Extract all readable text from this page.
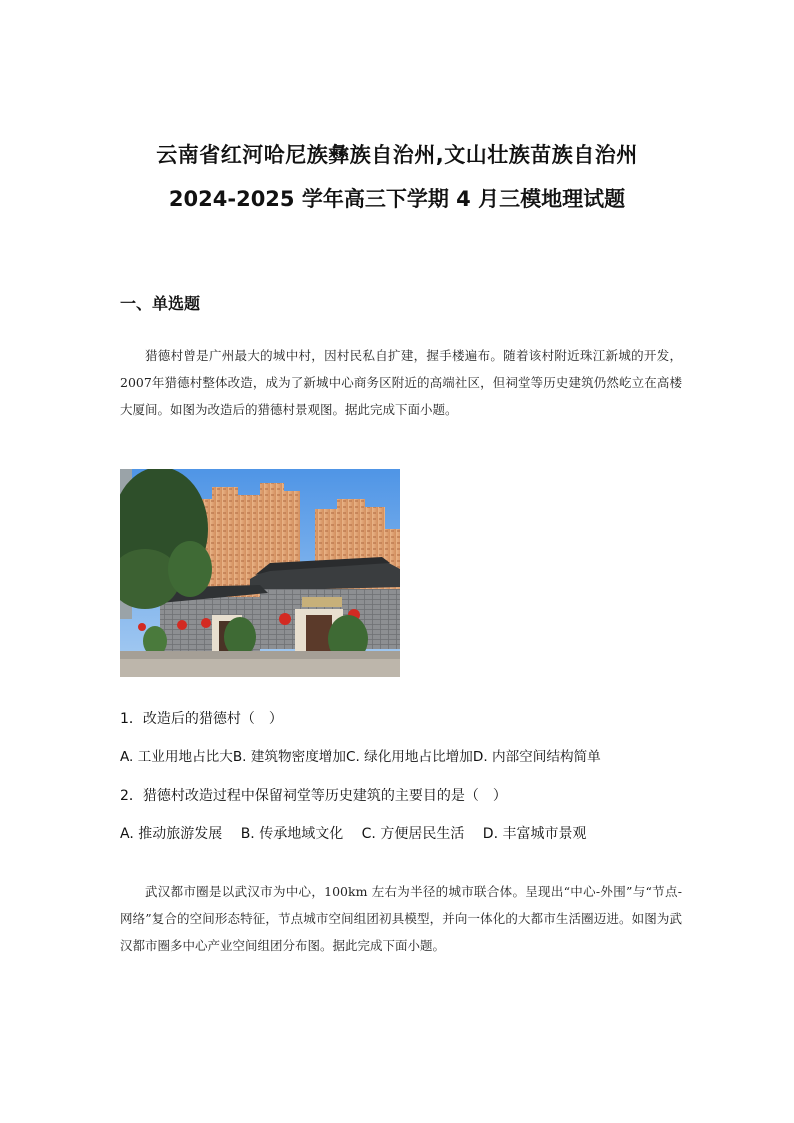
云南省红河哈尼族彝族自治州,文山壮族苗族自治州
2024-2025 学年高三下学期 4 月三模地理试题
一、单选题

猎德村曾是广州最大的城中村，因村民私自扩建，握手楼遍布。随着该村附近珠江新城的开发，2007年猎德村整体改造，成为了新城中心商务区附近的高端社区，但祠堂等历史建筑仍然屹立在高楼大厦间。如图为改造后的猎德村景观图。据此完成下面小题。

1．改造后的猎德村（　）
A. 工业用地占比大B. 建筑物密度增加C. 绿化用地占比增加D. 内部空间结构简单
2．猎德村改造过程中保留祠堂等历史建筑的主要目的是（　）
A. 推动旅游发展 B. 传承地域文化 C. 方便居民生活 D. 丰富城市景观

武汉都市圈是以武汉市为中心，100km 左右为半径的城市联合体。呈现出“中心-外围”与“节点-网络”复合的空间形态特征，节点城市空间组团初具模型，并向一体化的大都市生活圈迈进。如图为武汉都市圈多中心产业空间组团分布图。据此完成下面小题。
